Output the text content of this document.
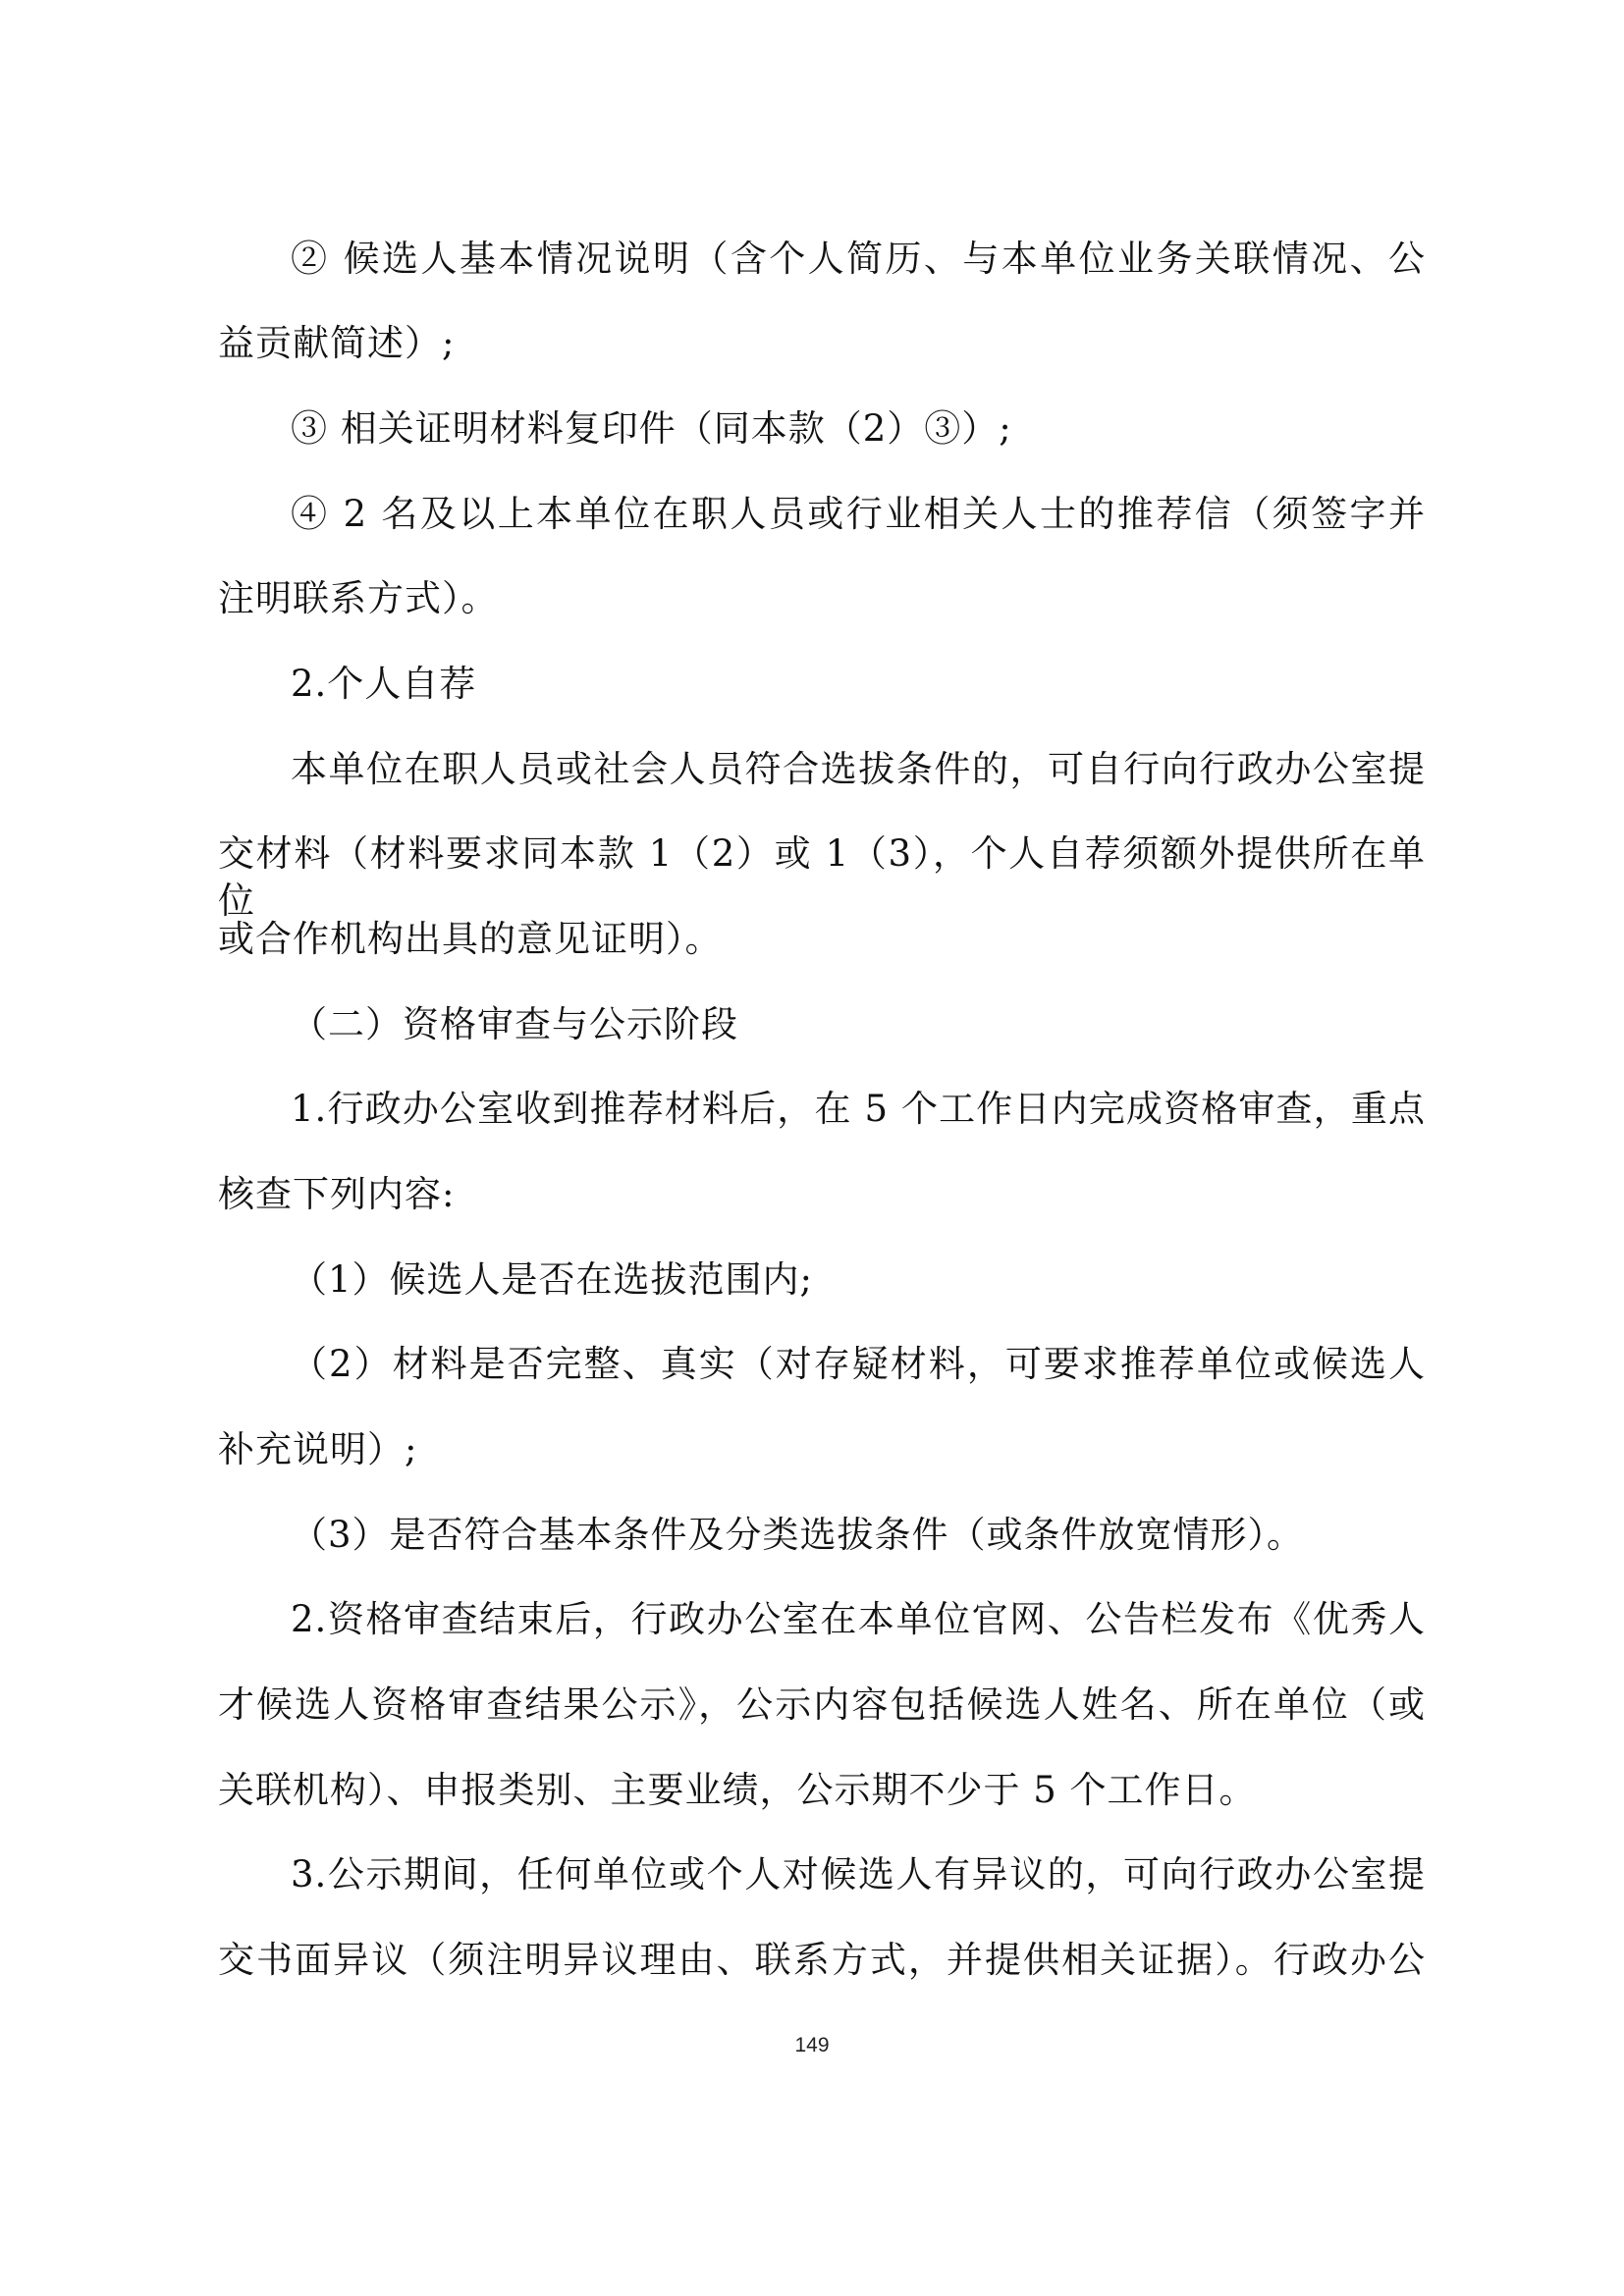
② 候选人基本情况说明（含个人简历、与本单位业务关联情况、公
益贡献简述）;
③ 相关证明材料复印件（同本款（2）③）;
④ 2 名及以上本单位在职人员或行业相关人士的推荐信（须签字并
注明联系方式）。
2.个人自荐
本单位在职人员或社会人员符合选拔条件的，可自行向行政办公室提
交材料（材料要求同本款 1（2）或 1（3），个人自荐须额外提供所在单位
或合作机构出具的意见证明）。
（二）资格审查与公示阶段
1.行政办公室收到推荐材料后，在 5 个工作日内完成资格审查，重点
核查下列内容:
（1）候选人是否在选拔范围内;
（2）材料是否完整、真实（对存疑材料，可要求推荐单位或候选人
补充说明）;
（3）是否符合基本条件及分类选拔条件（或条件放宽情形）。
2.资格审查结束后，行政办公室在本单位官网、公告栏发布《优秀人
才候选人资格审查结果公示》，公示内容包括候选人姓名、所在单位（或
关联机构）、申报类别、主要业绩，公示期不少于 5 个工作日。
3.公示期间，任何单位或个人对候选人有异议的，可向行政办公室提
交书面异议（须注明异议理由、联系方式，并提供相关证据）。行政办公
149
